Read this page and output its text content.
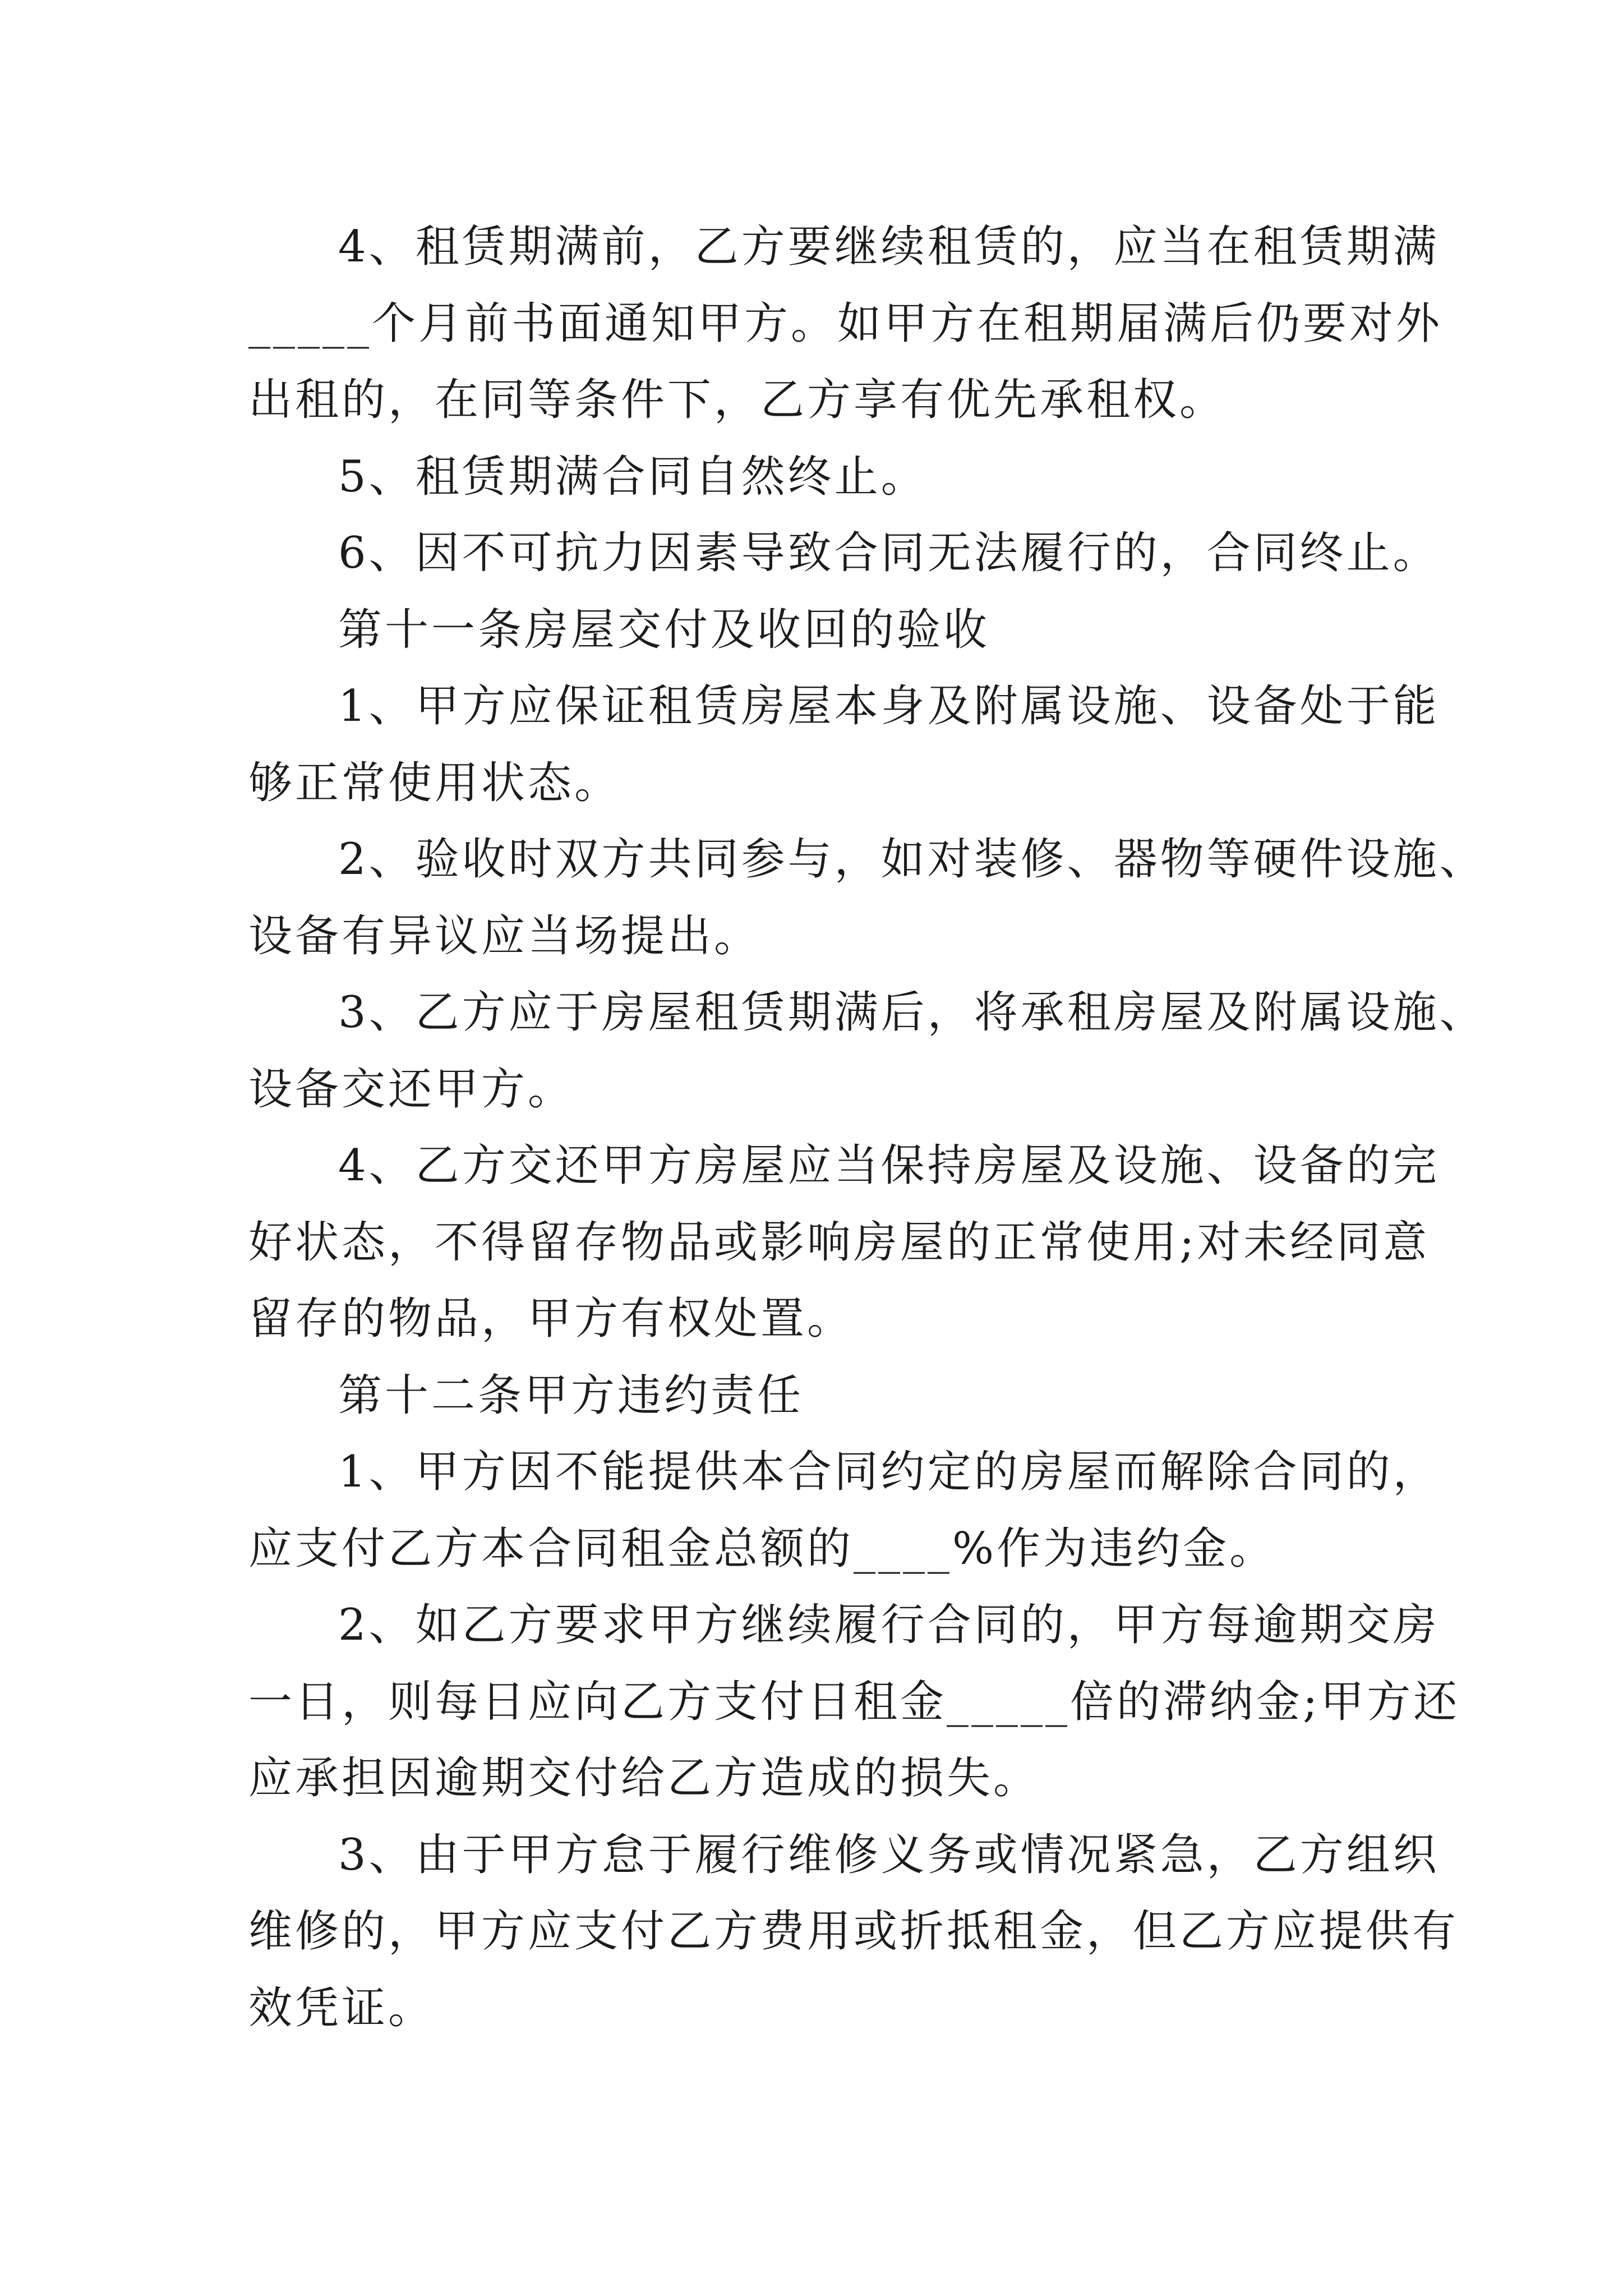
4、租赁期满前，乙方要继续租赁的，应当在租赁期满
_____个月前书面通知甲方。如甲方在租期届满后仍要对外
出租的，在同等条件下，乙方享有优先承租权。
5、租赁期满合同自然终止。
6、因不可抗力因素导致合同无法履行的，合同终止。
第十一条房屋交付及收回的验收
1、甲方应保证租赁房屋本身及附属设施、设备处于能
够正常使用状态。
2、验收时双方共同参与，如对装修、器物等硬件设施、
设备有异议应当场提出。
3、乙方应于房屋租赁期满后，将承租房屋及附属设施、
设备交还甲方。
4、乙方交还甲方房屋应当保持房屋及设施、设备的完
好状态，不得留存物品或影响房屋的正常使用;对未经同意
留存的物品，甲方有权处置。
第十二条甲方违约责任
1、甲方因不能提供本合同约定的房屋而解除合同的，
应支付乙方本合同租金总额的____%作为违约金。
2、如乙方要求甲方继续履行合同的，甲方每逾期交房
一日，则每日应向乙方支付日租金_____倍的滞纳金;甲方还
应承担因逾期交付给乙方造成的损失。
3、由于甲方怠于履行维修义务或情况紧急，乙方组织
维修的，甲方应支付乙方费用或折抵租金，但乙方应提供有
效凭证。
